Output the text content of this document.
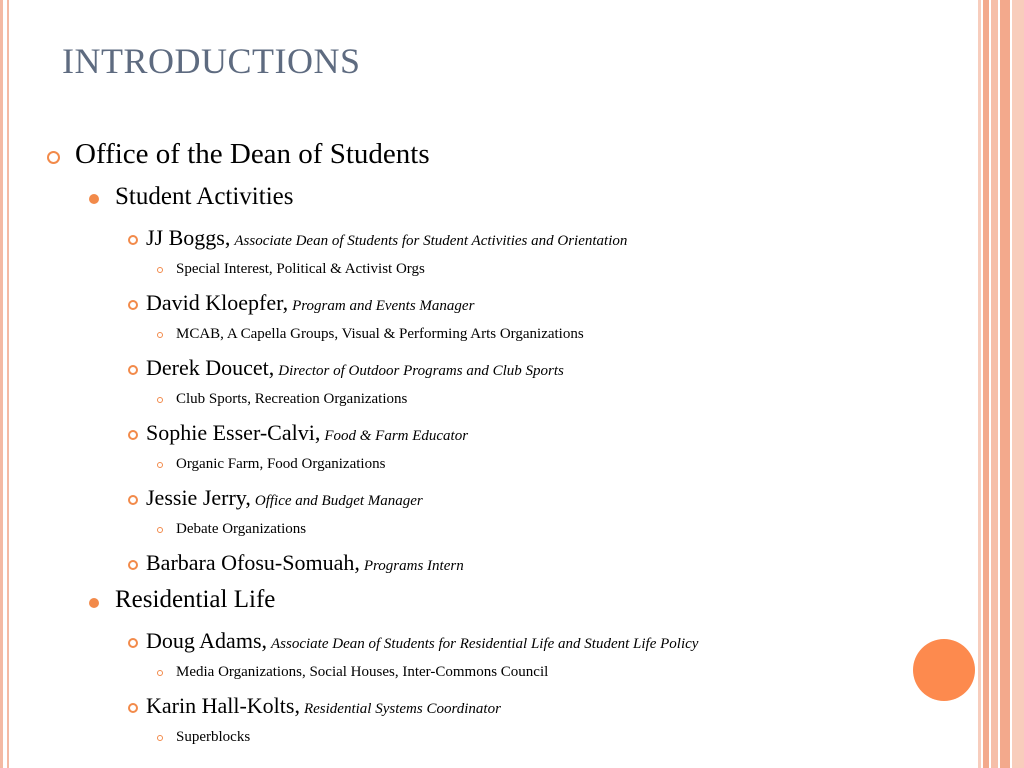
INTRODUCTIONS
Office of the Dean of Students
Student Activities
JJ Boggs, Associate Dean of Students for Student Activities and Orientation
Special Interest, Political & Activist Orgs
David Kloepfer, Program and Events Manager
MCAB, A Capella Groups, Visual & Performing Arts Organizations
Derek Doucet, Director of Outdoor Programs and Club Sports
Club Sports, Recreation Organizations
Sophie Esser-Calvi, Food & Farm Educator
Organic Farm, Food Organizations
Jessie Jerry, Office and Budget Manager
Debate Organizations
Barbara Ofosu-Somuah, Programs Intern
Residential Life
Doug Adams, Associate Dean of Students for Residential Life and Student Life Policy
Media Organizations, Social Houses, Inter-Commons Council
Karin Hall-Kolts, Residential Systems Coordinator
Superblocks
